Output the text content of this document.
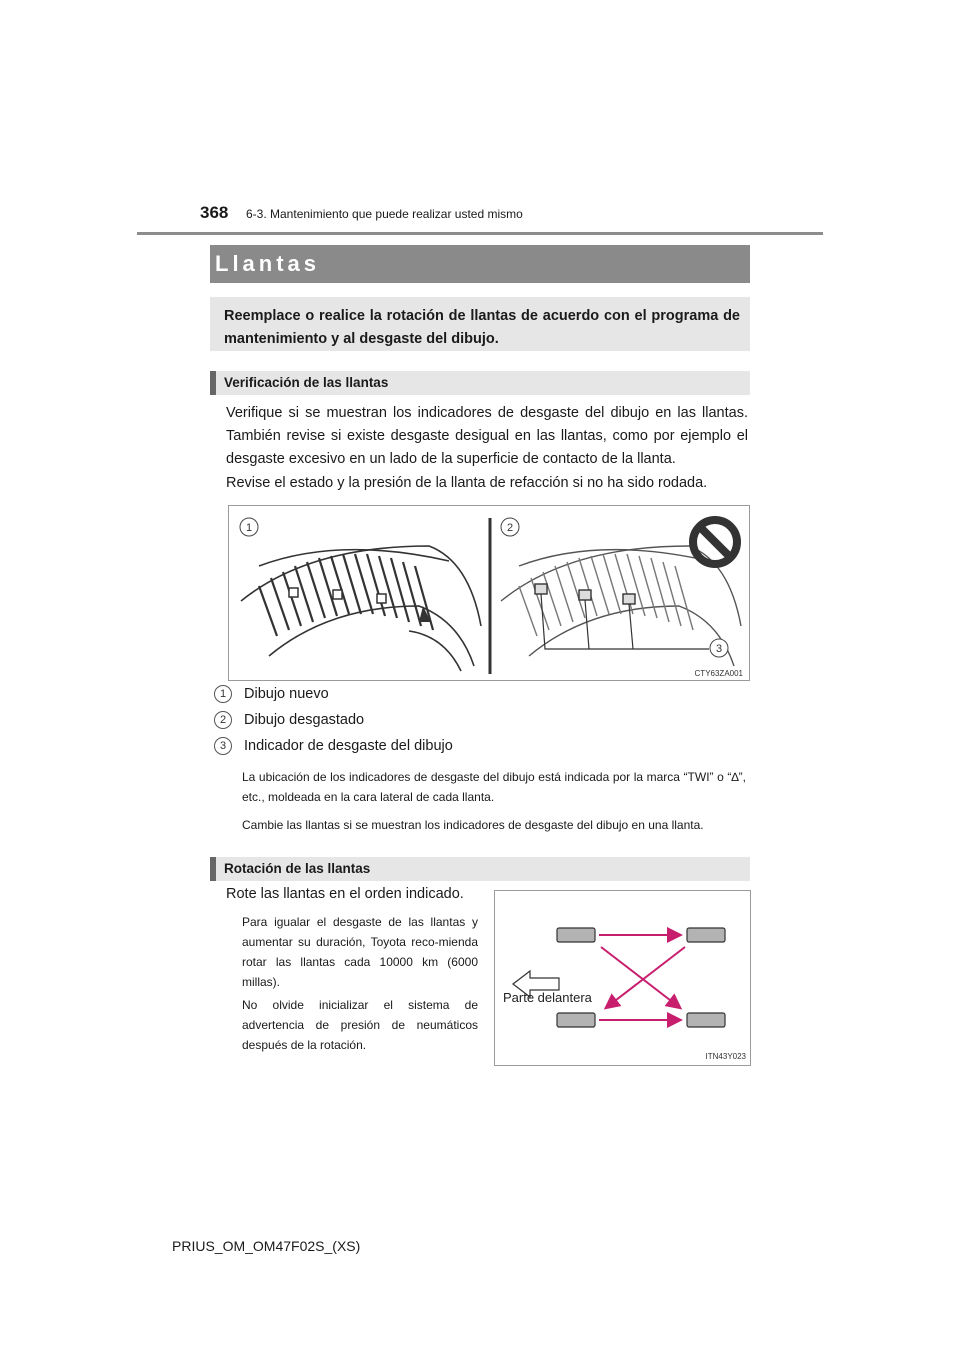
368 6-3. Mantenimiento que puede realizar usted mismo
Llantas
Reemplace o realice la rotación de llantas de acuerdo con el programa de mantenimiento y al desgaste del dibujo.
Verificación de las llantas
Verifique si se muestran los indicadores de desgaste del dibujo en las llantas. También revise si existe desgaste desigual en las llantas, como por ejemplo el desgaste excesivo en un lado de la superficie de contacto de la llanta.
Revise el estado y la presión de la llanta de refacción si no ha sido rodada.
1	2
3
CTY63ZA001
1 Dibujo nuevo
2 Dibujo desgastado
3 Indicador de desgaste del dibujo
La ubicación de los indicadores de desgaste del dibujo está indicada por la marca “TWI” o “∆”, etc., moldeada en la cara lateral de cada llanta.
Cambie las llantas si se muestran los indicadores de desgaste del dibujo en una llanta.
Rotación de las llantas
Rote las llantas en el orden indicado.
Para igualar el desgaste de las llantas y aumentar su duración, Toyota reco-mienda rotar las llantas cada 10000 km (6000 millas).
No olvide inicializar el sistema de advertencia de presión de neumáticos después de la rotación.
Parte delantera
ITN43Y023
PRIUS_OM_OM47F02S_(XS)
